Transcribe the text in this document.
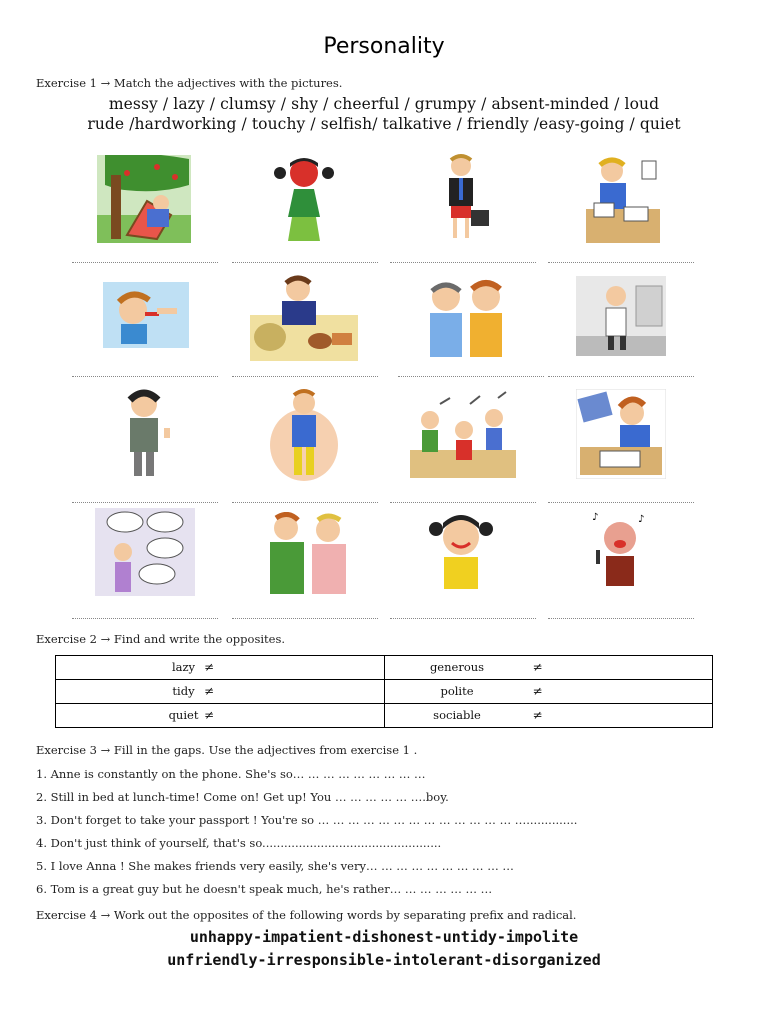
Personality
Exercise 1 → Match the adjectives with the pictures.
messy / lazy / clumsy / shy / cheerful / grumpy / absent-minded / loud
rude /hardworking / touchy / selfish/ talkative / friendly /easy-going / quiet
♪	♪
Exercise 2 → Find and write the opposites.
lazy ≠	generous ≠

tidy ≠	polite ≠

quiet ≠	sociable ≠
Exercise 3 → Fill in the gaps. Use the adjectives from exercise 1 .
1. Anne is constantly on the phone. She's so… … … … … … … … …
2. Still in bed at lunch-time! Come on! Get up! You … … … … … ….boy.
3. Don't forget to take your passport ! You're so … … … … … … … … … … … … … …..............
4. Don't just think of yourself, that's so.................................................
5. I love Anna ! She makes friends very easily, she's very… … … … … … … … … …
6. Tom is a great guy but he doesn't speak much, he's rather… … … … … … …
Exercise 4 → Work out the opposites of the following words by separating prefix and radical.
unhappy-impatient-dishonest-untidy-impolite
unfriendly-irresponsible-intolerant-disorganized
